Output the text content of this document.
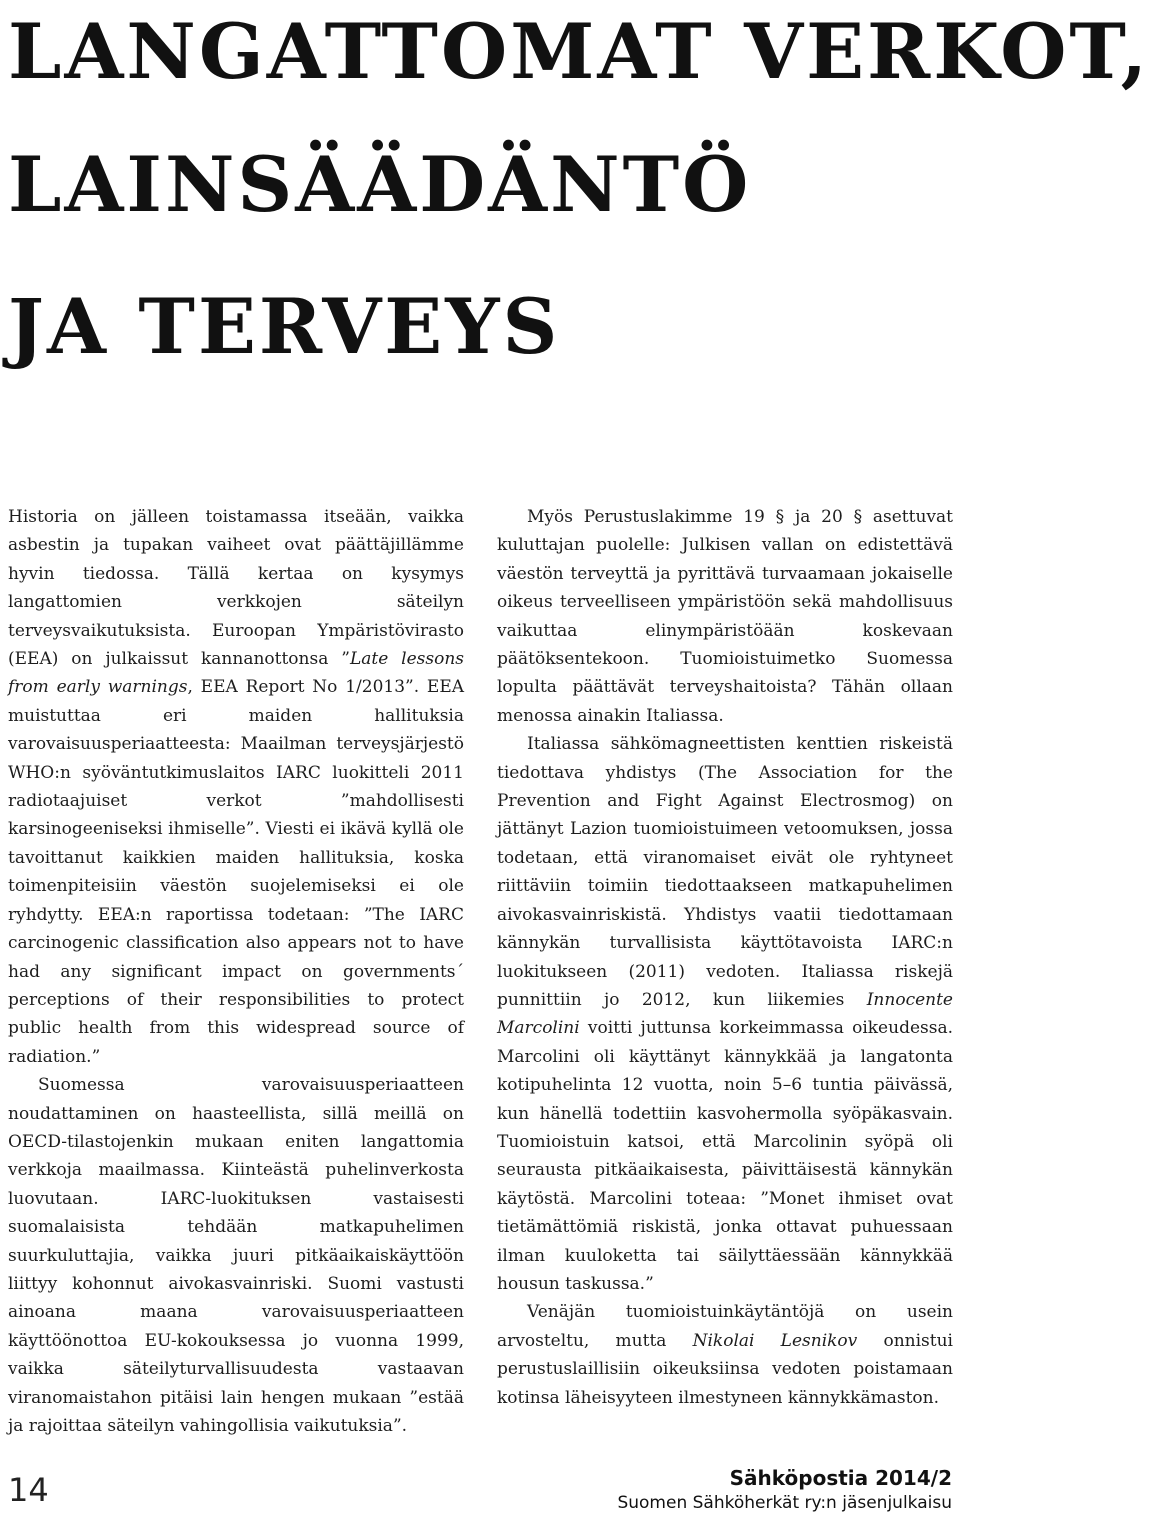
LANGATTOMAT VERKOT,
LAINSÄÄDÄNTÖ
JA TERVEYS

Historia on jälleen toistamassa itseään, vaikka asbestin ja tupakan vaiheet ovat päättäjillämme hyvin tiedossa. Tällä kertaa on kysymys langattomien verkkojen säteilyn terveysvaikutuksista. Euroopan Ympäristövirasto (EEA) on julkaissut kannanottonsa ”Late lessons from early warnings, EEA Report No 1/2013”. EEA muistuttaa eri maiden hallituksia varovaisuusperiaatteesta: Maailman terveysjärjestö WHO:n syöväntutkimuslaitos IARC luokitteli 2011 radiotaajuiset verkot ”mahdollisesti karsinogeeniseksi ihmiselle”. Viesti ei ikävä kyllä ole tavoittanut kaikkien maiden hallituksia, koska toimenpiteisiin väestön suojelemiseksi ei ole ryhdytty. EEA:n raportissa todetaan: ”The IARC carcinogenic classification also appears not to have had any significant impact on governments´ perceptions of their responsibilities to protect public health from this widespread source of radiation.”

Suomessa varovaisuusperiaatteen noudattaminen on haasteellista, sillä meillä on OECD-tilastojenkin mukaan eniten langattomia verkkoja maailmassa. Kiinteästä puhelinverkosta luovutaan. IARC-luokituksen vastaisesti suomalaisista tehdään matkapuhelimen suurkuluttajia, vaikka juuri pitkäaikaiskäyttöön liittyy kohonnut aivokasvainriski. Suomi vastusti ainoana maana varovaisuusperiaatteen käyttöönottoa EU-kokouksessa jo vuonna 1999, vaikka säteilyturvallisuudesta vastaavan viranomaistahon pitäisi lain hengen mukaan ”estää ja rajoittaa säteilyn vahingollisia vaikutuksia”.

Myös Perustuslakimme 19 § ja 20 § asettuvat kuluttajan puolelle: Julkisen vallan on edistettävä väestön terveyttä ja pyrittävä turvaamaan jokaiselle oikeus terveelliseen ympäristöön sekä mahdollisuus vaikuttaa elinympäristöään koskevaan päätöksentekoon. Tuomioistuimetko Suomessa lopulta päättävät terveyshaitoista? Tähän ollaan menossa ainakin Italiassa.

Italiassa sähkömagneettisten kenttien riskeistä tiedottava yhdistys (The Association for the Prevention and Fight Against Electrosmog) on jättänyt Lazion tuomioistuimeen vetoomuksen, jossa todetaan, että viranomaiset eivät ole ryhtyneet riittäviin toimiin tiedottaakseen matkapuhelimen aivokasvainriskistä. Yhdistys vaatii tiedottamaan kännykän turvallisista käyttötavoista IARC:n luokitukseen (2011) vedoten. Italiassa riskejä punnittiin jo 2012, kun liikemies Innocente Marcolini voitti juttunsa korkeimmassa oikeudessa. Marcolini oli käyttänyt kännykkää ja langatonta kotipuhelinta 12 vuotta, noin 5–6 tuntia päivässä, kun hänellä todettiin kasvohermolla syöpäkasvain. Tuomioistuin katsoi, että Marcolinin syöpä oli seurausta pitkäaikaisesta, päivittäisestä kännykän käytöstä. Marcolini toteaa: ”Monet ihmiset ovat tietämättömiä riskistä, jonka ottavat puhuessaan ilman kuuloketta tai säilyttäessään kännykkää housun taskussa.”

Venäjän tuomioistuinkäytäntöjä on usein arvosteltu, mutta Nikolai Lesnikov onnistui perustuslaillisiin oikeuksiinsa vedoten poistamaan kotinsa läheisyyteen ilmestyneen kännykkämaston.

14	Sähköpostia 2014/2
Suomen Sähköherkät ry:n jäsenjulkaisu
